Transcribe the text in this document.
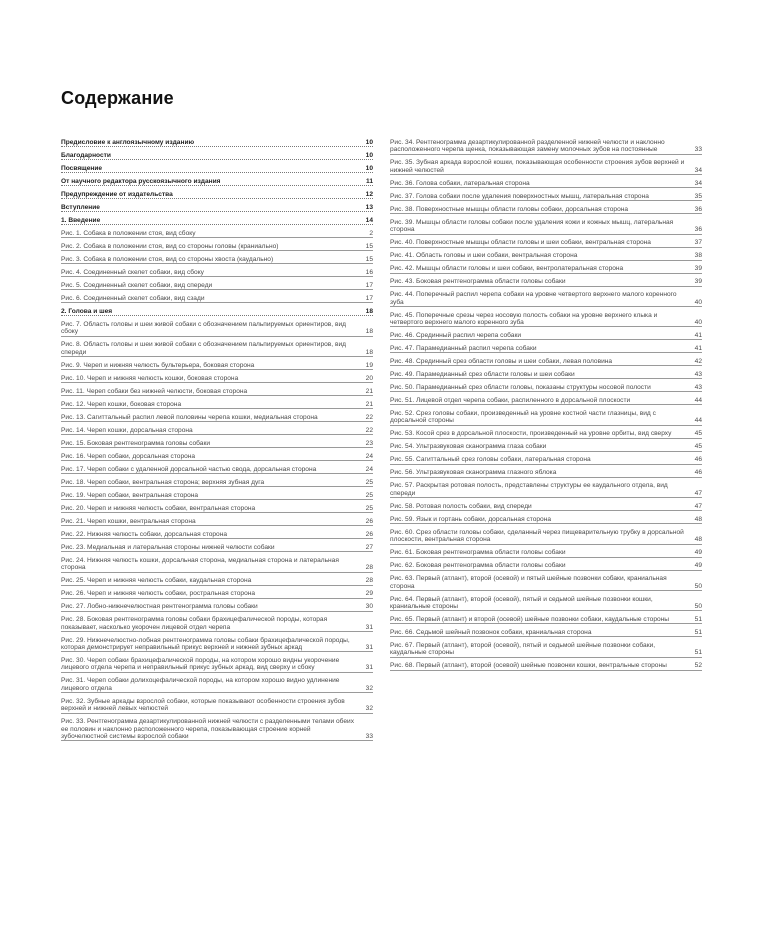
Содержание
Предисловие к англоязычному изданию	10
Благодарности	10
Посвящение	10
От научного редактора русскоязычного издания	11
Предупреждение от издательства	12
Вступление	13
1. Введение	14
Рис. 1. Собака в положении стоя, вид сбоку	2
Рис. 2. Собака в положении стоя, вид со стороны головы (краниально)	15
Рис. 3. Собака в положении стоя, вид со стороны хвоста (каудально)	15
Рис. 4. Соединенный скелет собаки, вид сбоку	16
Рис. 5. Соединенный скелет собаки, вид спереди	17
Рис. 6. Соединенный скелет собаки, вид сзади	17
2. Голова и шея	18
Рис. 7. Область головы и шеи живой собаки с обозначением пальпируемых ориентиров, вид сбоку	18
Рис. 8. Область головы и шеи живой собаки с обозначением пальпируемых ориентиров, вид спереди	18
Рис. 9. Череп и нижняя челюсть бультерьера, боковая сторона	19
Рис. 10. Череп и нижняя челюсть кошки, боковая сторона	20
Рис. 11. Череп собаки без нижней челюсти, боковая сторона	21
Рис. 12. Череп кошки, боковая сторона	21
Рис. 13. Сагиттальный распил левой половины черепа кошки, медиальная сторона	22
Рис. 14. Череп кошки, дорсальная сторона	22
Рис. 15. Боковая рентгенограмма головы собаки	23
Рис. 16. Череп собаки, дорсальная сторона	24
Рис. 17. Череп собаки с удаленной дорсальной частью свода, дорсальная сторона	24
Рис. 18. Череп собаки, вентральная сторона; верхняя зубная дуга	25
Рис. 19. Череп собаки, вентральная сторона	25
Рис. 20. Череп и нижняя челюсть собаки, вентральная сторона	25
Рис. 21. Череп кошки, вентральная сторона	26
Рис. 22. Нижняя челюсть собаки, дорсальная сторона	26
Рис. 23. Медиальная и латеральная стороны нижней челюсти собаки	27
Рис. 24. Нижняя челюсть кошки, дорсальная сторона, медиальная сторона и латеральная сторона	28
Рис. 25. Череп и нижняя челюсть собаки, каудальная сторона	28
Рис. 26. Череп и нижняя челюсть собаки, ростральная сторона	29
Рис. 27. Лобно-нижнечелюстная рентгенограмма головы собаки	30
Рис. 28. Боковая рентгенограмма головы собаки брахицефалической породы, которая показывает, насколько укорочен лицевой отдел черепа	31
Рис. 29. Нижнечелюстно-лобная рентгенограмма головы собаки брахицефалической породы, которая демонстрирует неправильный прикус верхней и нижней зубных аркад	31
Рис. 30. Череп собаки брахицефалической породы, на котором хорошо видны укорочение лицевого отдела черепа и неправильный прикус зубных аркад, вид сверху и сбоку	31
Рис. 31. Череп собаки долихоцефалической породы, на котором хорошо видно удлинение лицевого отдела	32
Рис. 32. Зубные аркады взрослой собаки, которые показывают особенности строения зубов верхней и нижней левых челюстей	32
Рис. 33. Рентгенограмма дезартикулированной нижней челюсти с разделенными телами обеих ее половин и наклонно расположенного черепа, показывающая строение корней зубочелюстной системы взрослой собаки	33
Рис. 34. Рентгенограмма дезартикулированной разделенной нижней челюсти и наклонно расположенного черепа щенка, показывающая замену молочных зубов на постоянные	33
Рис. 35. Зубная аркада взрослой кошки, показывающая особенности строения зубов верхней и нижней челюстей	34
Рис. 36. Голова собаки, латеральная сторона	34
Рис. 37. Голова собаки после удаления поверхностных мышц, латеральная сторона	35
Рис. 38. Поверхностные мышцы области головы собаки, дорсальная сторона	36
Рис. 39. Мышцы области головы собаки после удаления кожи и кожных мышц, латеральная сторона	36
Рис. 40. Поверхностные мышцы области головы и шеи собаки, вентральная сторона	37
Рис. 41. Область головы и шеи собаки, вентральная сторона	38
Рис. 42. Мышцы области головы и шеи собаки, вентролатеральная сторона	39
Рис. 43. Боковая рентгенограмма области головы собаки	39
Рис. 44. Поперечный распил черепа собаки на уровне четвертого верхнего малого коренного зуба	40
Рис. 45. Поперечные срезы через носовую полость собаки на уровне верхнего клыка и четвертого верхнего малого коренного зуба	40
Рис. 46. Срединный распил черепа собаки	41
Рис. 47. Парамедианный распил черепа собаки	41
Рис. 48. Срединный срез области головы и шеи собаки, левая половина	42
Рис. 49. Парамедианный срез области головы и шеи собаки	43
Рис. 50. Парамедианный срез области головы, показаны структуры носовой полости	43
Рис. 51. Лицевой отдел черепа собаки, распиленного в дорсальной плоскости	44
Рис. 52. Срез головы собаки, произведенный на уровне костной части глазницы, вид с дорсальной стороны	44
Рис. 53. Косой срез в дорсальной плоскости, произведенный на уровне орбиты, вид сверху	45
Рис. 54. Ультразвуковая сканограмма глаза собаки	45
Рис. 55. Сагиттальный срез головы собаки, латеральная сторона	46
Рис. 56. Ультразвуковая сканограмма глазного яблока	46
Рис. 57. Раскрытая ротовая полость, представлены структуры ее каудального отдела, вид спереди	47
Рис. 58. Ротовая полость собаки, вид спереди	47
Рис. 59. Язык и гортань собаки, дорсальная сторона	48
Рис. 60. Срез области головы собаки, сделанный через пищеварительную трубку в дорсальной плоскости, вентральная сторона	48
Рис. 61. Боковая рентгенограмма области головы собаки	49
Рис. 62. Боковая рентгенограмма области головы собаки	49
Рис. 63. Первый (атлант), второй (осевой) и пятый шейные позвонки собаки, краниальная сторона	50
Рис. 64. Первый (атлант), второй (осевой), пятый и седьмой шейные позвонки кошки, краниальные стороны	50
Рис. 65. Первый (атлант) и второй (осевой) шейные позвонки собаки, каудальные стороны	51
Рис. 66. Седьмой шейный позвонок собаки, краниальная сторона	51
Рис. 67. Первый (атлант), второй (осевой), пятый и седьмой шейные позвонки собаки, каудальные стороны	51
Рис. 68. Первый (атлант), второй (осевой) шейные позвонки кошки, вентральные стороны	52
